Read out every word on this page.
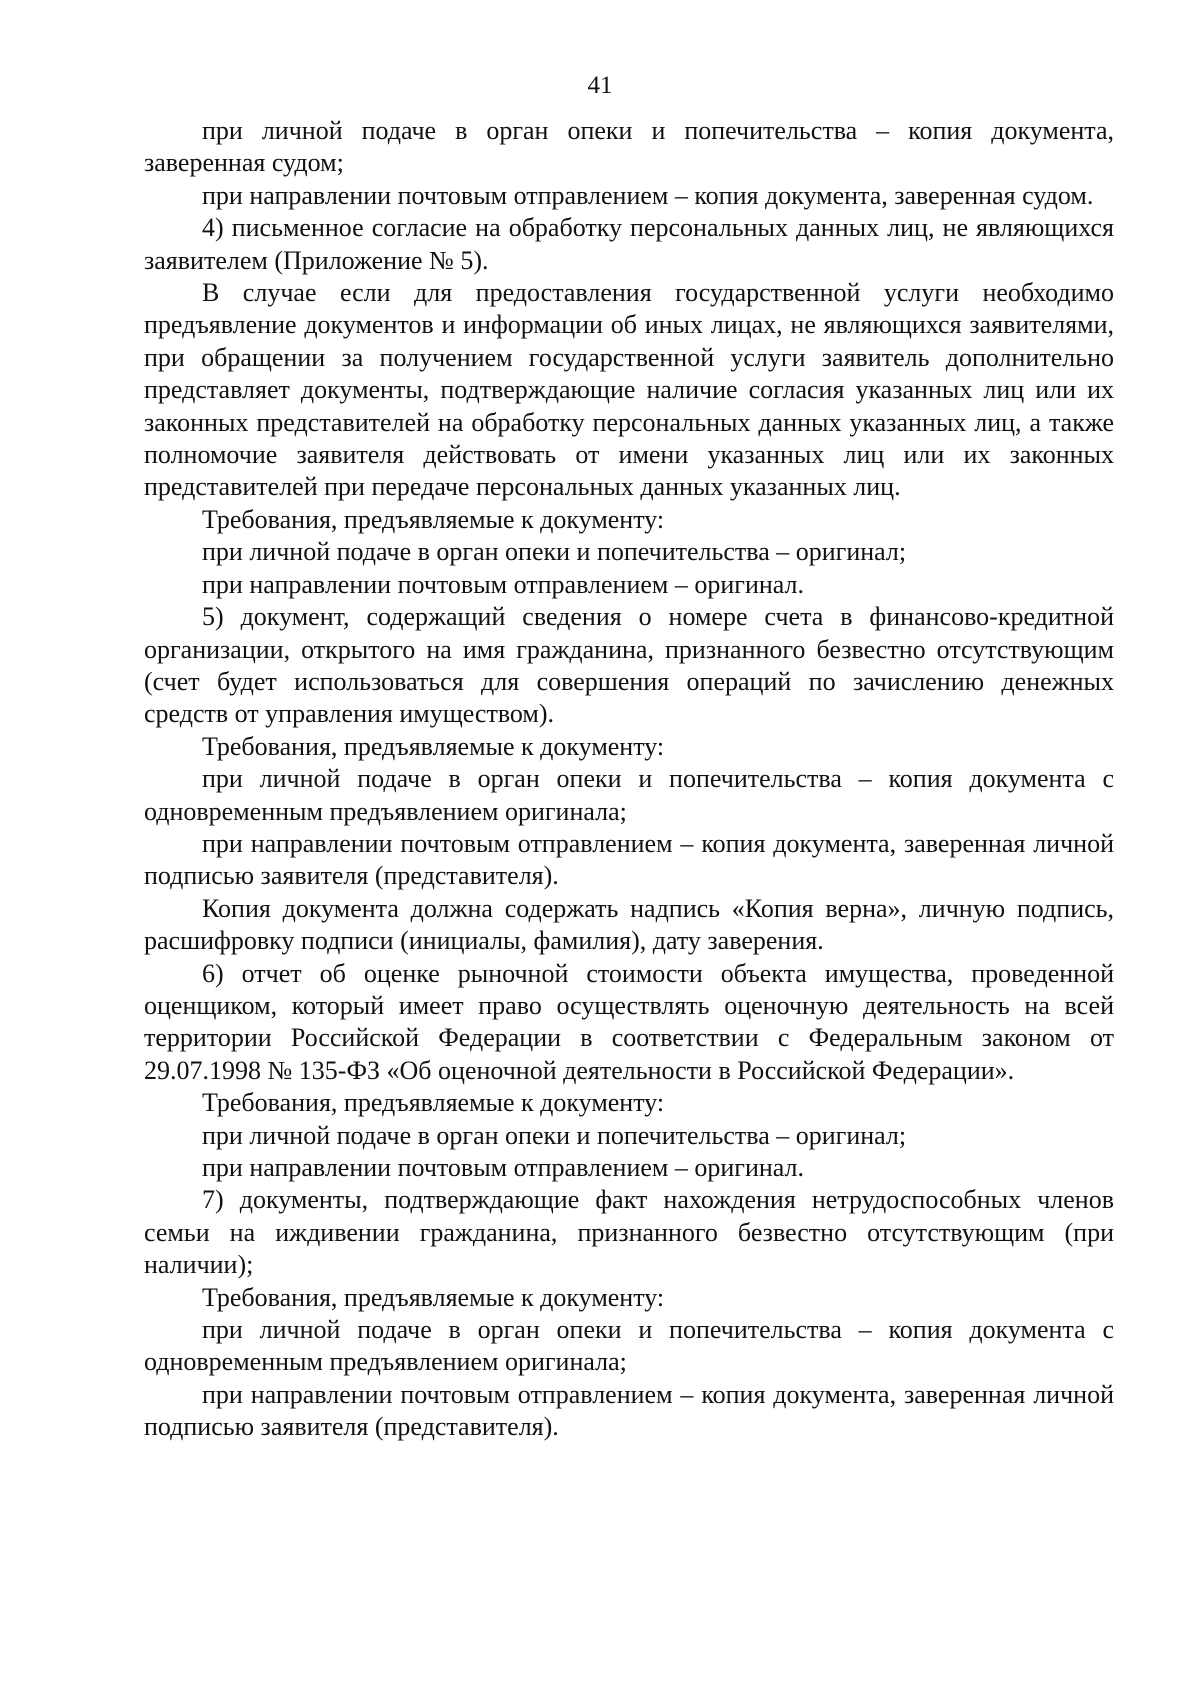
41

при личной подаче в орган опеки и попечительства – копия документа, заверенная судом;

при направлении почтовым отправлением – копия документа, заверенная судом.

4) письменное согласие на обработку персональных данных лиц, не являющихся заявителем (Приложение № 5).

В случае если для предоставления государственной услуги необходимо предъявление документов и информации об иных лицах, не являющихся заявителями, при обращении за получением государственной услуги заявитель дополнительно представляет документы, подтверждающие наличие согласия указанных лиц или их законных представителей на обработку персональных данных указанных лиц, а также полномочие заявителя действовать от имени указанных лиц или их законных представителей при передаче персональных данных указанных лиц.

Требования, предъявляемые к документу:

при личной подаче в орган опеки и попечительства – оригинал;

при направлении почтовым отправлением – оригинал.

5) документ, содержащий сведения о номере счета в финансово-кредитной организации, открытого на имя гражданина, признанного безвестно отсутствующим (счет будет использоваться для совершения операций по зачислению денежных средств от управления имуществом).

Требования, предъявляемые к документу:

при личной подаче в орган опеки и попечительства – копия документа с одновременным предъявлением оригинала;

при направлении почтовым отправлением – копия документа, заверенная личной подписью заявителя (представителя).

Копия документа должна содержать надпись «Копия верна», личную подпись, расшифровку подписи (инициалы, фамилия), дату заверения.

6) отчет об оценке рыночной стоимости объекта имущества, проведенной оценщиком, который имеет право осуществлять оценочную деятельность на всей территории Российской Федерации в соответствии с Федеральным законом от 29.07.1998 № 135-ФЗ «Об оценочной деятельности в Российской Федерации».

Требования, предъявляемые к документу:

при личной подаче в орган опеки и попечительства – оригинал;

при направлении почтовым отправлением – оригинал.

7) документы, подтверждающие факт нахождения нетрудоспособных членов семьи на иждивении гражданина, признанного безвестно отсутствующим (при наличии);

Требования, предъявляемые к документу:

при личной подаче в орган опеки и попечительства – копия документа с одновременным предъявлением оригинала;

при направлении почтовым отправлением – копия документа, заверенная личной подписью заявителя (представителя).
